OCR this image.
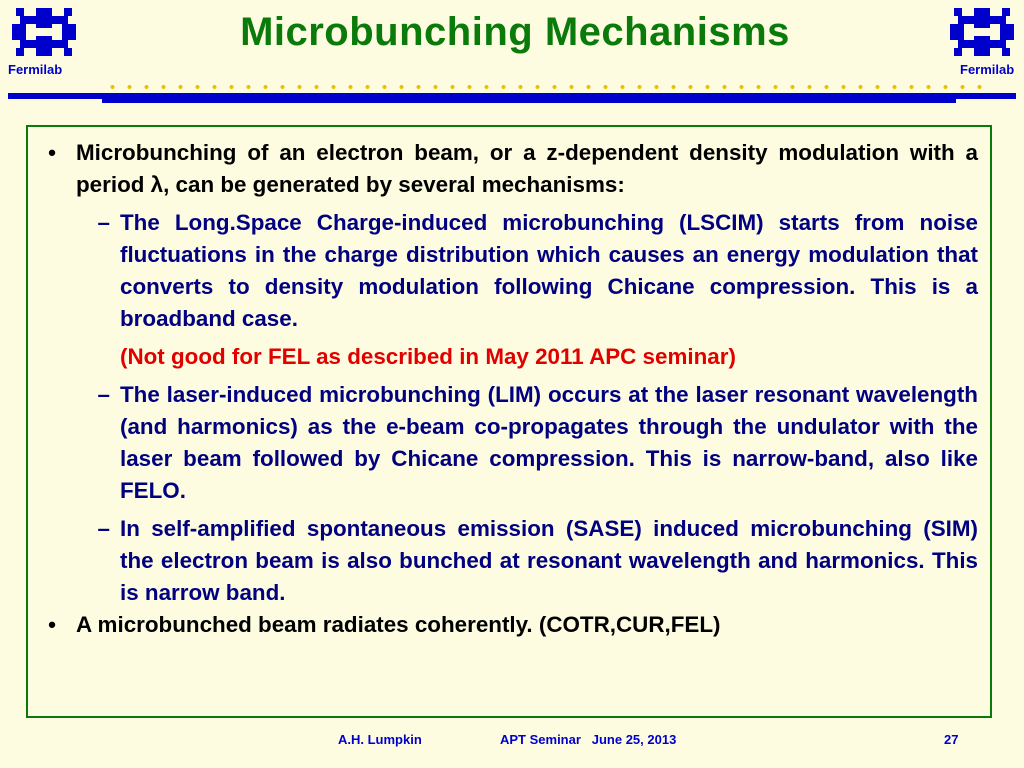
Fermilab	Fermilab
Microbunching Mechanisms
• Microbunching of an electron beam, or a z-dependent density modulation with a period λ, can be generated by several mechanisms:
– The Long.Space Charge-induced microbunching (LSCIM) starts from noise fluctuations in the charge distribution which causes an energy modulation that converts to density modulation following Chicane compression. This is a broadband case.
(Not good for FEL as described in May 2011 APC seminar)
– The laser-induced microbunching (LIM) occurs at the laser resonant wavelength (and harmonics) as the e-beam co-propagates through the undulator with the laser beam followed by Chicane compression. This is narrow-band, also like FELO.
– In self-amplified spontaneous emission (SASE) induced microbunching (SIM) the electron beam is also bunched at resonant wavelength and harmonics. This is narrow band.
• A microbunched beam radiates coherently. (COTR,CUR,FEL)
A.H. Lumpkin	APT Seminar   June 25, 2013	27
